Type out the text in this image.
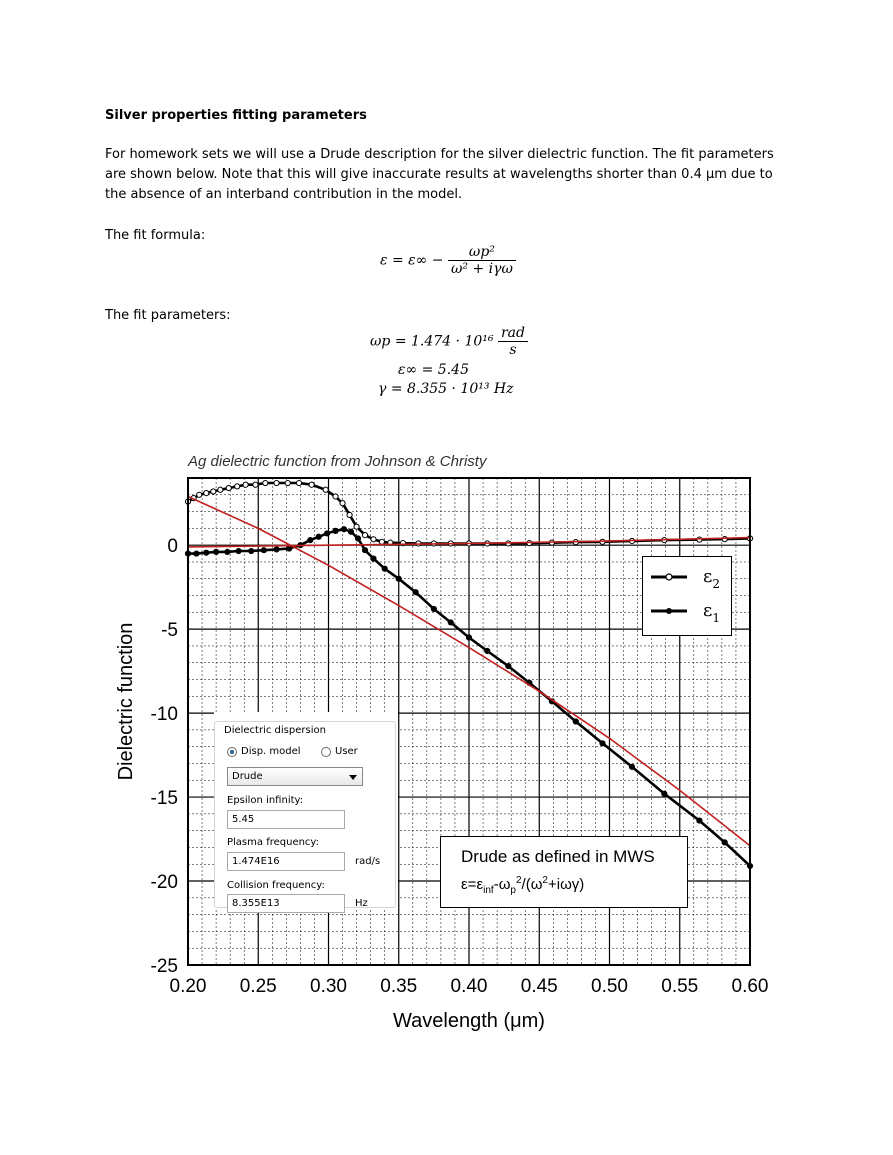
Silver properties fitting parameters
For homework sets we will use a Drude description for the silver dielectric function. The fit parameters are shown below. Note that this will give inaccurate results at wavelengths shorter than 0.4 μm due to the absence of an interband contribution in the model.
The fit formula:
$\varepsilon = \varepsilon\infty - \frac{\text{ωp²}}{\text{ω² + iγω}}$
The fit parameters:
$\omega p = 1.474 \cdot 10^{16} \frac{\text{rad}}{s}$
ε∞ = 5.45
γ = 8.355 · 10¹³ Hz
Ag dielectric function from Johnson & Christy
0.20 0.25 0.30 0.35 0.40 0.45 0.50 0.55 0.60
0
-5
-10
-15
-20
-25
Wavelength (μm)
Dielectric function
$\varepsilon_2$
$\varepsilon_1$
Dielectric dispersion
Disp. model	User
Drude
Epsilon infinity:
5.45
Plasma frequency:
1.474E16	rad/s
Collision frequency:
8.355E13	Hz
Drude as defined in MWS
$\varepsilon=\varepsilon_{inf}-\omega_p^2/(\omega^2+i\omega\gamma)$
